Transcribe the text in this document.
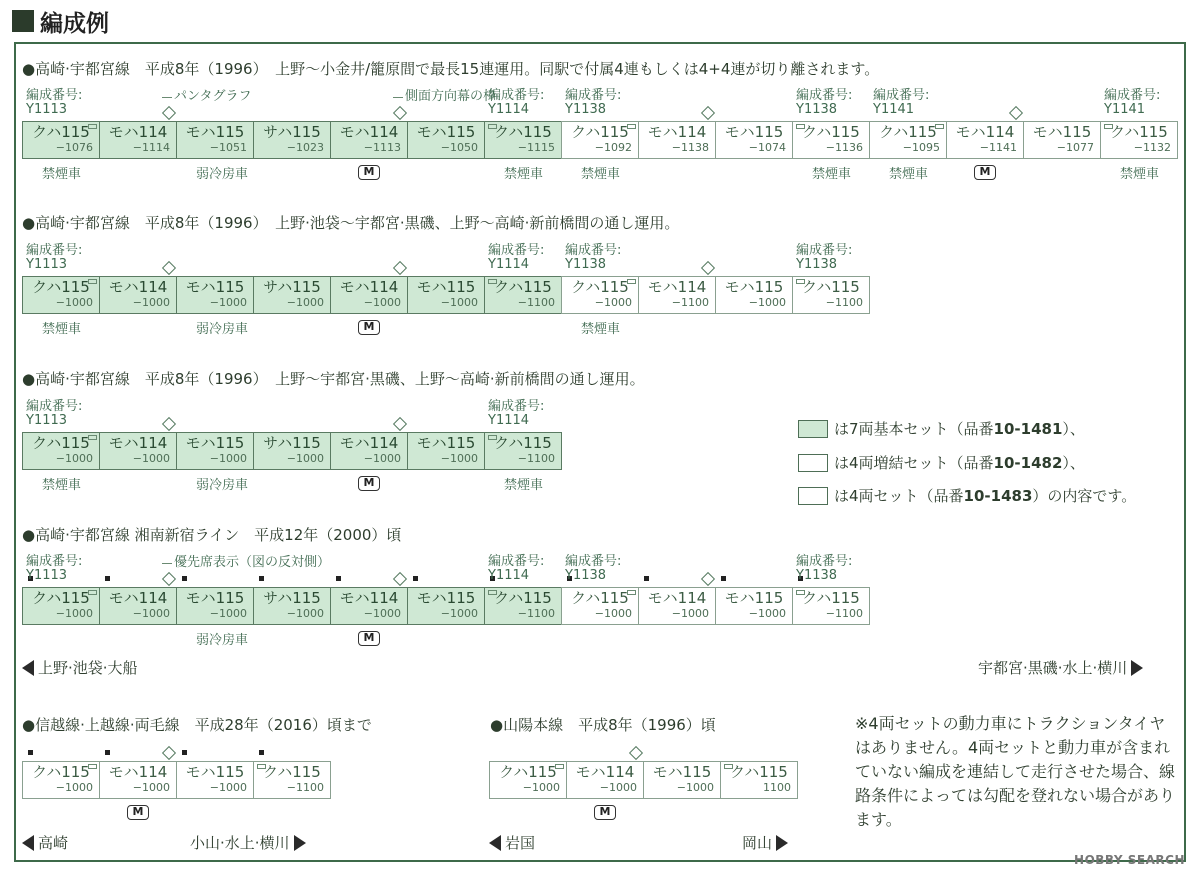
編成例
●高崎·宇都宮線　平成8年（1996）　上野～小金井/籠原間で最長15連運用。同駅で付属4連もしくは4+4連が切り離されます。
クハ115
−1076
モハ114
−1114
モハ115
−1051
サハ115
−1023
モハ114
−1113
M
モハ115
−1050
クハ115
−1115
クハ115
−1092
モハ114
−1138
モハ115
−1074
クハ115
−1136
クハ115
−1095
モハ114
−1141
M
モハ115
−1077
クハ115
−1132
編成番号:
Y1113
編成番号:
Y1114
編成番号:
Y1138
編成番号:
Y1138
編成番号:
Y1141
編成番号:
Y1141
パンタグラフ	側面方向幕の枠
禁煙車	弱冷房車	禁煙車	禁煙車	禁煙車	禁煙車	禁煙車
●高崎·宇都宮線　平成8年（1996）　上野·池袋～宇都宮·黒磯、上野～高崎·新前橋間の通し運用。
クハ115
−1000
モハ114
−1000
モハ115
−1000
サハ115
−1000
モハ114
−1000
M
モハ115
−1000
クハ115
−1100
クハ115
−1000
モハ114
−1100
モハ115
−1000
クハ115
−1100
編成番号:
Y1113
編成番号:
Y1114
編成番号:
Y1138
編成番号:
Y1138
禁煙車	弱冷房車	禁煙車
●高崎·宇都宮線　平成8年（1996）　上野～宇都宮·黒磯、上野～高崎·新前橋間の通し運用。
クハ115
−1000
モハ114
−1000
モハ115
−1000
サハ115
−1000
モハ114
−1000
M
モハ115
−1000
クハ115
−1100
編成番号:
Y1113
編成番号:
Y1114
禁煙車	弱冷房車	禁煙車
●高崎·宇都宮線 湘南新宿ライン　平成12年（2000）頃
クハ115
−1000
モハ114
−1000
モハ115
−1000
サハ115
−1000
モハ114
−1000
M
モハ115
−1000
クハ115
−1100
クハ115
−1000
モハ114
−1000
モハ115
−1000
クハ115
−1100
編成番号:
Y1113
編成番号:
Y1114
編成番号:
Y1138
編成番号:
Y1138
優先席表示（図の反対側）
弱冷房車
●信越線·上越線·両毛線　平成28年（2016）頃まで
クハ115
−1000
モハ114
−1000
M
モハ115
−1000
クハ115
−1100
●山陽本線　平成8年（1996）頃
クハ115
−1000
モハ114
−1000
M
モハ115
−1000
クハ115
1100
上野·池袋·大船	宇都宮·黒磯·水上·横川
高崎	小山·水上·横川	岩国	岡山
は7両基本セット（品番 10-1481 ）、
は4両増結セット（品番 10-1482 ）、
は4両セット（品番 10-1483 ）の内容です。
※4両セットの動力車にトラクションタイヤはありません。4両セットと動力車が含まれていない編成を連結して走行させた場合、線路条件によっては勾配を登れない場合があります。
HOBBY SEARCH
